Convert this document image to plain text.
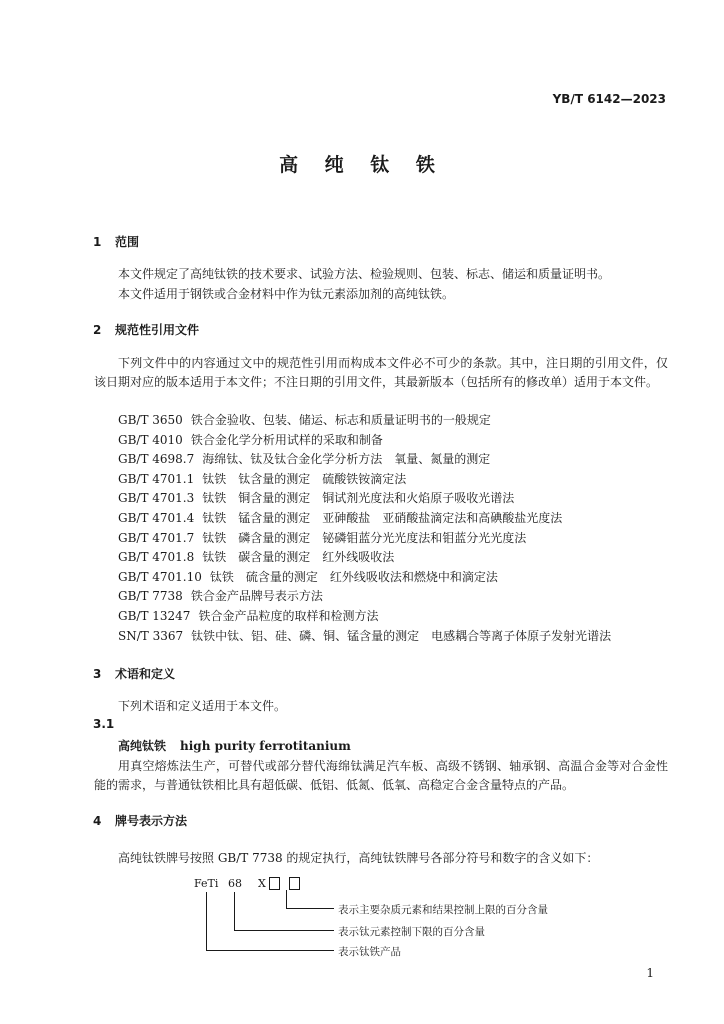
YB/T 6142—2023
高 纯 钛 铁
1 范围
本文件规定了高纯钛铁的技术要求、试验方法、检验规则、包装、标志、储运和质量证明书。
本文件适用于钢铁或合金材料中作为钛元素添加剂的高纯钛铁。
2 规范性引用文件
下列文件中的内容通过文中的规范性引用而构成本文件必不可少的条款。其中，注日期的引用文件，仅该日期对应的版本适用于本文件；不注日期的引用文件，其最新版本（包括所有的修改单）适用于本文件。
GB/T 3650 铁合金验收、包装、储运、标志和质量证明书的一般规定
GB/T 4010 铁合金化学分析用试样的采取和制备
GB/T 4698.7 海绵钛、钛及钛合金化学分析方法　氧量、氮量的测定
GB/T 4701.1 钛铁　钛含量的测定　硫酸铁铵滴定法
GB/T 4701.3 钛铁　铜含量的测定　铜试剂光度法和火焰原子吸收光谱法
GB/T 4701.4 钛铁　锰含量的测定　亚砷酸盐　亚硝酸盐滴定法和高碘酸盐光度法
GB/T 4701.7 钛铁　磷含量的测定　铋磷钼蓝分光光度法和钼蓝分光光度法
GB/T 4701.8 钛铁　碳含量的测定　红外线吸收法
GB/T 4701.10 钛铁　硫含量的测定　红外线吸收法和燃烧中和滴定法
GB/T 7738 铁合金产品牌号表示方法
GB/T 13247 铁合金产品粒度的取样和检测方法
SN/T 3367 钛铁中钛、铝、硅、磷、铜、锰含量的测定　电感耦合等离子体原子发射光谱法
3 术语和定义
下列术语和定义适用于本文件。
3.1
高纯钛铁 high purity ferrotitanium
用真空熔炼法生产，可替代或部分替代海绵钛满足汽车板、高级不锈钢、轴承钢、高温合金等对合金性能的需求，与普通钛铁相比具有超低碳、低铝、低氮、低氧、高稳定合金含量特点的产品。
4 牌号表示方法
高纯钛铁牌号按照 GB/T 7738 的规定执行，高纯钛铁牌号各部分符号和数字的含义如下：
FeTi 68 X
表示主要杂质元素和结果控制上限的百分含量
表示钛元素控制下限的百分含量
表示钛铁产品
1
